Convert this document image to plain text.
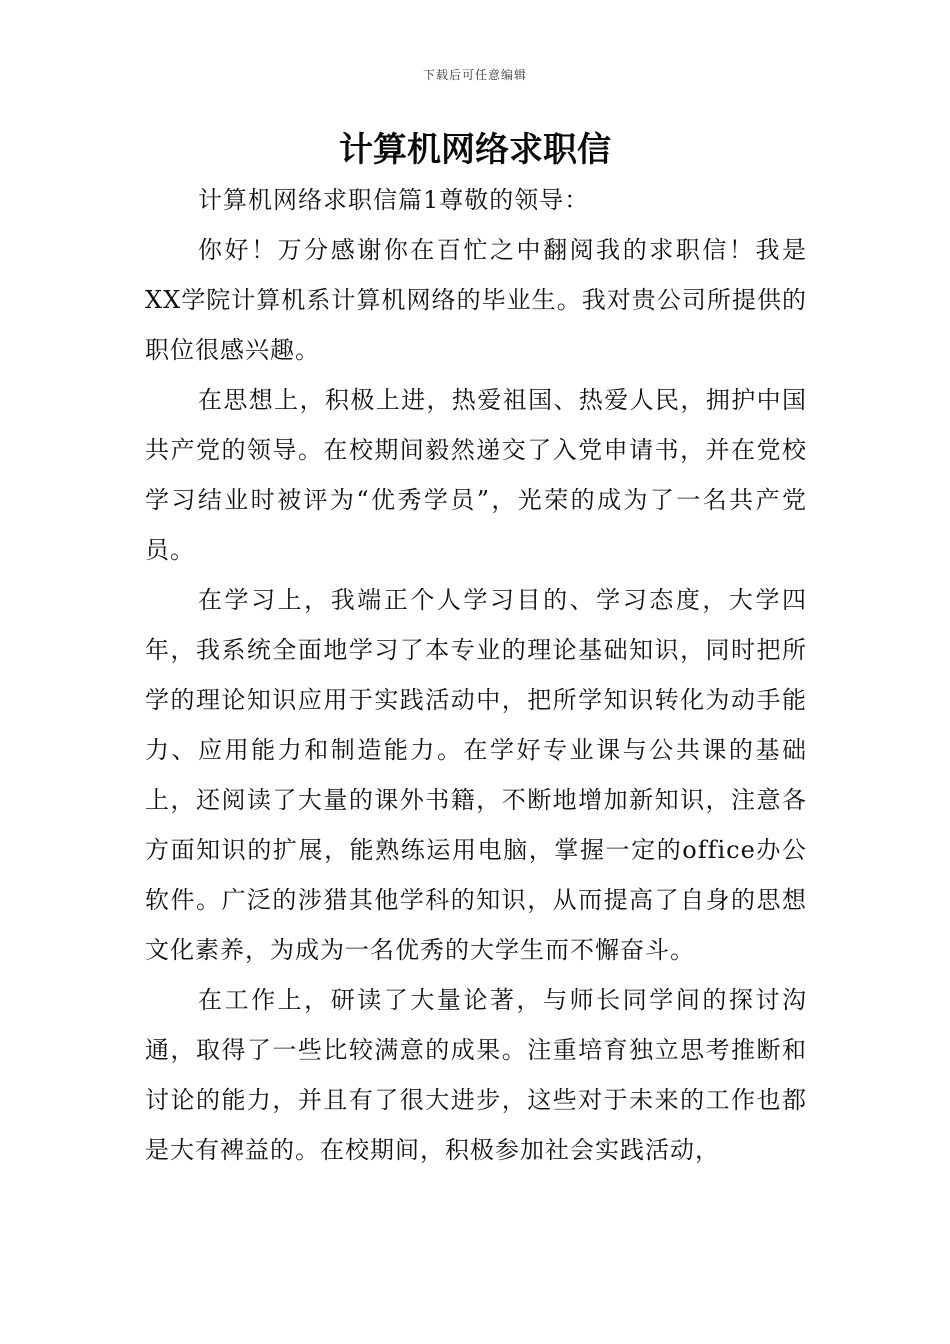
下载后可任意编辑
计算机网络求职信

计算机网络求职信篇1尊敬的领导：

你好！万分感谢你在百忙之中翻阅我的求职信！我是XX学院计算机系计算机网络的毕业生。我对贵公司所提供的职位很感兴趣。

在思想上，积极上进，热爱祖国、热爱人民，拥护中国共产党的领导。在校期间毅然递交了入党申请书，并在党校学习结业时被评为“优秀学员”，光荣的成为了一名共产党员。

在学习上，我端正个人学习目的、学习态度，大学四年，我系统全面地学习了本专业的理论基础知识，同时把所学的理论知识应用于实践活动中，把所学知识转化为动手能力、应用能力和制造能力。在学好专业课与公共课的基础上，还阅读了大量的课外书籍，不断地增加新知识，注意各方面知识的扩展，能熟练运用电脑，掌握一定的office办公软件。广泛的涉猎其他学科的知识，从而提高了自身的思想文化素养，为成为一名优秀的大学生而不懈奋斗。

在工作上，研读了大量论著，与师长同学间的探讨沟通，取得了一些比较满意的成果。注重培育独立思考推断和讨论的能力，并且有了很大进步，这些对于未来的工作也都是大有裨益的。在校期间，积极参加社会实践活动，
